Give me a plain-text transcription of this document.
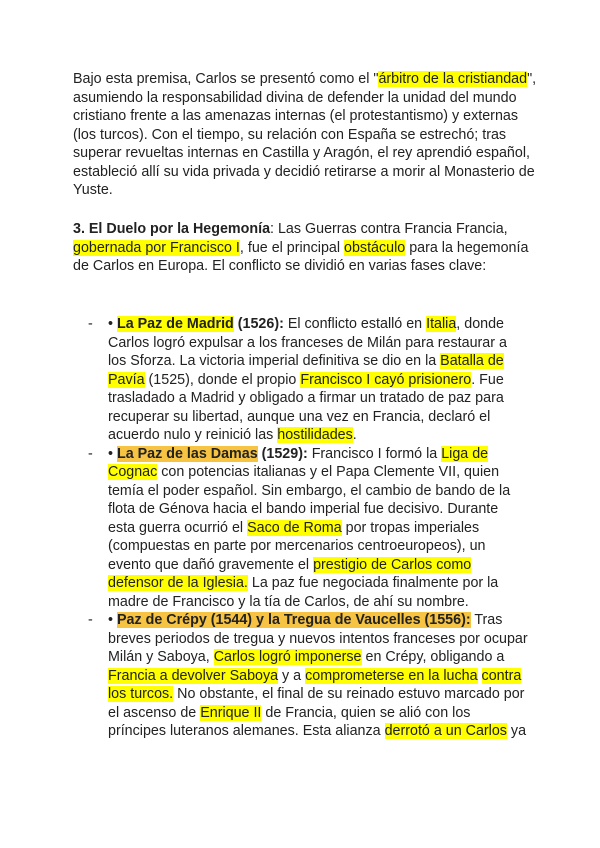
Bajo esta premisa, Carlos se presentó como el "árbitro de la cristiandad", asumiendo la responsabilidad divina de defender la unidad del mundo cristiano frente a las amenazas internas (el protestantismo) y externas (los turcos). Con el tiempo, su relación con España se estrechó; tras superar revueltas internas en Castilla y Aragón, el rey aprendió español, estableció allí su vida privada y decidió retirarse a morir al Monasterio de Yuste.

3. El Duelo por la Hegemonía: Las Guerras contra Francia Francia, gobernada por Francisco I, fue el principal obstáculo para la hegemonía de Carlos en Europa. El conflicto se dividió en varias fases clave:

- • La Paz de Madrid (1526): El conflicto estalló en Italia, donde Carlos logró expulsar a los franceses de Milán para restaurar a los Sforza. La victoria imperial definitiva se dio en la Batalla de Pavía (1525), donde el propio Francisco I cayó prisionero. Fue trasladado a Madrid y obligado a firmar un tratado de paz para recuperar su libertad, aunque una vez en Francia, declaró el acuerdo nulo y reinició las hostilidades.
- • La Paz de las Damas (1529): Francisco I formó la Liga de Cognac con potencias italianas y el Papa Clemente VII, quien temía el poder español. Sin embargo, el cambio de bando de la flota de Génova hacia el bando imperial fue decisivo. Durante esta guerra ocurrió el Saco de Roma por tropas imperiales (compuestas en parte por mercenarios centroeuropeos), un evento que dañó gravemente el prestigio de Carlos como defensor de la Iglesia. La paz fue negociada finalmente por la madre de Francisco y la tía de Carlos, de ahí su nombre.
- • Paz de Crépy (1544) y la Tregua de Vaucelles (1556): Tras breves periodos de tregua y nuevos intentos franceses por ocupar Milán y Saboya, Carlos logró imponerse en Crépy, obligando a Francia a devolver Saboya y a comprometerse en la lucha contra los turcos. No obstante, el final de su reinado estuvo marcado por el ascenso de Enrique II de Francia, quien se alió con los príncipes luteranos alemanes. Esta alianza derrotó a un Carlos ya
